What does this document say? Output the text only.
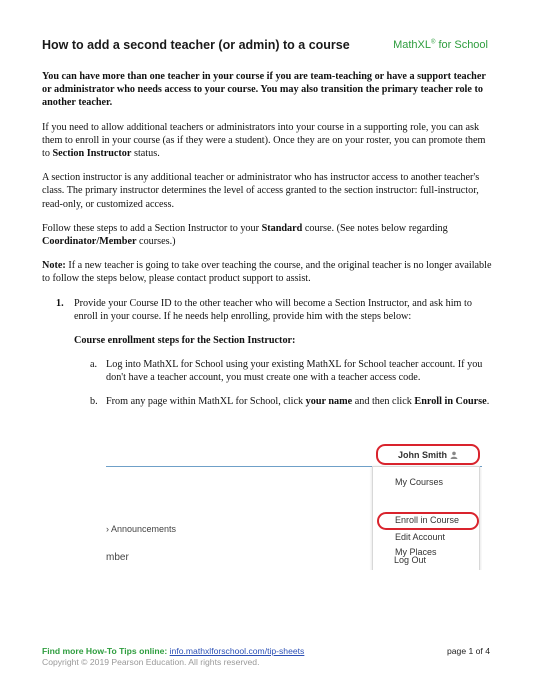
How to add a second teacher (or admin) to a course	MathXL® for School

You can have more than one teacher in your course if you are team-teaching or have a support teacher or administrator who needs access to your course. You may also transition the primary teacher role to another teacher.

If you need to allow additional teachers or administrators into your course in a supporting role, you can ask them to enroll in your course (as if they were a student). Once they are on your roster, you can promote them to Section Instructor status.

A section instructor is any additional teacher or administrator who has instructor access to another teacher's class. The primary instructor determines the level of access granted to the section instructor: full-instructor, read-only, or customized access.

Follow these steps to add a Section Instructor to your Standard course. (See notes below regarding Coordinator/Member courses.)

Note: If a new teacher is going to take over teaching the course, and the original teacher is no longer available to follow the steps below, please contact product support to assist.

1. Provide your Course ID to the other teacher who will become a Section Instructor, and ask him to enroll in your course. If he needs help enrolling, provide him with the steps below:
Course enrollment steps for the Section Instructor:
a. Log into MathXL for School using your existing MathXL for School teacher account. If you don't have a teacher account, you must create one with a teacher access code.
b. From any page within MathXL for School, click your name and then click Enroll in Course.
John Smith
My Courses
Enroll in Course
Edit Account
My Places
Log Out
› Announcements
mber
Find more How-To Tips online: info.mathxlforschool.com/tip-sheets
Copyright © 2019 Pearson Education. All rights reserved.
page 1 of 4
